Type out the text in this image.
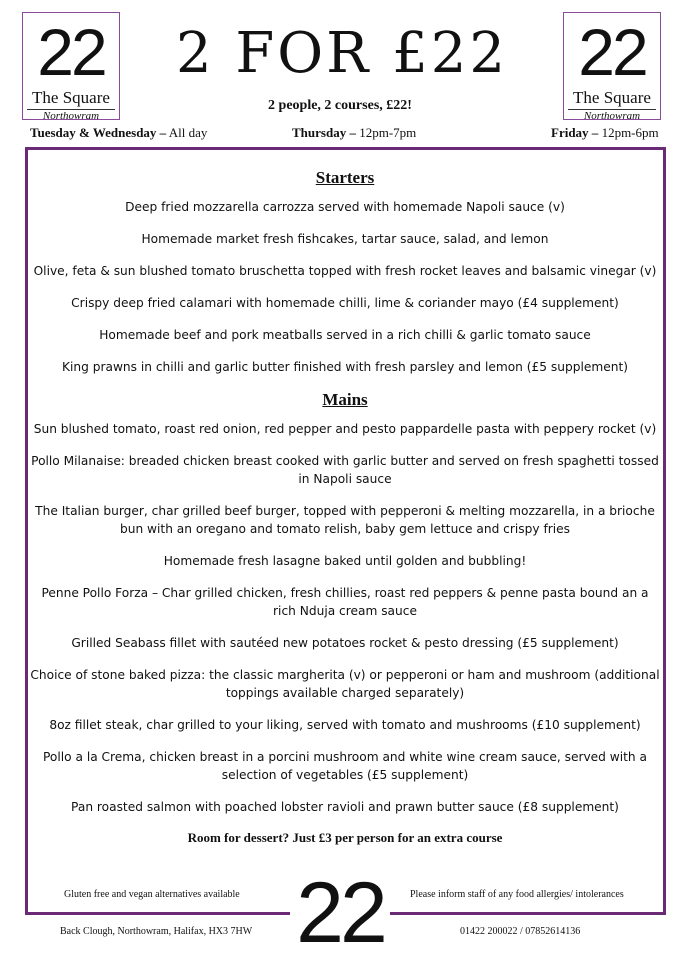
22
The Square
Northowram
2 FOR £22	22
The Square
Northowram
2 people, 2 courses, £22!
Tuesday & Wednesday – All day	Thursday – 12pm-7pm	Friday – 12pm-6pm
Starters
Deep fried mozzarella carrozza served with homemade Napoli sauce (v)
Homemade market fresh fishcakes, tartar sauce, salad, and lemon
Olive, feta & sun blushed tomato bruschetta topped with fresh rocket leaves and balsamic vinegar (v)
Crispy deep fried calamari with homemade chilli, lime & coriander mayo (£4 supplement)
Homemade beef and pork meatballs served in a rich chilli & garlic tomato sauce
King prawns in chilli and garlic butter finished with fresh parsley and lemon (£5 supplement)
Mains
Sun blushed tomato, roast red onion, red pepper and pesto pappardelle pasta with peppery rocket (v)
Pollo Milanaise: breaded chicken breast cooked with garlic butter and served on fresh spaghetti tossed in Napoli sauce
The Italian burger, char grilled beef burger, topped with pepperoni & melting mozzarella, in a brioche bun with an oregano and tomato relish, baby gem lettuce and crispy fries
Homemade fresh lasagne baked until golden and bubbling!
Penne Pollo Forza – Char grilled chicken, fresh chillies, roast red peppers & penne pasta bound an a rich Nduja cream sauce
Grilled Seabass fillet with sautéed new potatoes rocket & pesto dressing (£5 supplement)
Choice of stone baked pizza: the classic margherita (v) or pepperoni or ham and mushroom (additional toppings available charged separately)
8oz fillet steak, char grilled to your liking, served with tomato and mushrooms (£10 supplement)
Pollo a la Crema, chicken breast in a porcini mushroom and white wine cream sauce, served with a selection of vegetables (£5 supplement)
Pan roasted salmon with poached lobster ravioli and prawn butter sauce (£8 supplement)
Room for dessert? Just £3 per person for an extra course
Gluten free and vegan alternatives available 22	Please inform staff of any food allergies/ intolerances
Back Clough, Northowram, Halifax, HX3 7HW	01422 200022 / 07852614136
